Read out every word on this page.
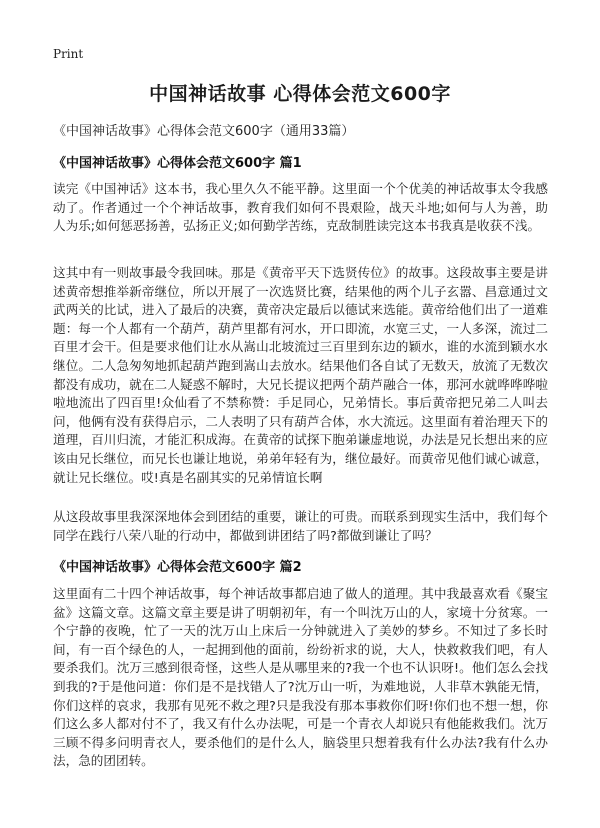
Print
中国神话故事 心得体会范文600字
《中国神话故事》心得体会范文600字（通用33篇）
《中国神话故事》心得体会范文600字 篇1

读完《中国神话》这本书，我心里久久不能平静。这里面一个个优美的神话故事太令我感动了。作者通过一个个神话故事，教育我们如何不畏艰险，战天斗地;如何与人为善，助人为乐;如何惩恶扬善，弘扬正义;如何勤学苦练，克敌制胜读完这本书我真是收获不浅。

这其中有一则故事最令我回味。那是《黄帝平天下选贤传位》的故事。这段故事主要是讲述黄帝想推举新帝继位，所以开展了一次选贤比赛，结果他的两个儿子玄嚣、昌意通过文武两关的比试，进入了最后的决赛，黄帝决定最后以德试来选能。黄帝给他们出了一道难题：每一个人都有一个葫芦，葫芦里都有河水，开口即流，水宽三丈，一人多深，流过二百里才会干。但是要求他们让水从嵩山北坡流过三百里到东边的颖水，谁的水流到颖水水继位。二人急匆匆地抓起葫芦跑到嵩山去放水。结果他们各自试了无数天，放流了无数次都没有成功，就在二人疑惑不解时，大兄长提议把两个葫芦融合一体，那河水就哗哗哗啦啦地流出了四百里!众仙看了不禁称赞：手足同心，兄弟情长。事后黄帝把兄弟二人叫去问，他俩有没有获得启示，二人表明了只有葫芦合体，水大流远。这里面有着治理天下的道理，百川归流，才能汇积成海。在黄帝的试探下胞弟谦虚地说，办法是兄长想出来的应该由兄长继位，而兄长也谦让地说，弟弟年轻有为，继位最好。而黄帝见他们诚心诚意，就让兄长继位。哎!真是名副其实的兄弟情谊长啊

从这段故事里我深深地体会到团结的重要，谦让的可贵。而联系到现实生活中，我们每个同学在践行八荣八耻的行动中，都做到讲团结了吗?都做到谦让了吗？

《中国神话故事》心得体会范文600字 篇2

这里面有二十四个神话故事，每个神话故事都启迪了做人的道理。其中我最喜欢看《聚宝盆》这篇文章。这篇文章主要是讲了明朝初年，有一个叫沈万山的人，家境十分贫寒。一个宁静的夜晚，忙了一天的沈万山上床后一分钟就进入了美妙的梦乡。不知过了多长时间，有一百个绿色的人，一起拥到他的面前，纷纷祈求的说，大人，快救救我们吧，有人要杀我们。沈万三感到很奇怪，这些人是从哪里来的?我一个也不认识呀!。他们怎么会找到我的?于是他问道：你们是不是找错人了?沈万山一听，为难地说，人非草木孰能无情，你们这样的哀求，我那有见死不救之理?只是我没有那本事救你们呀!你们也不想一想，你们这么多人都对付不了，我又有什么办法呢，可是一个青衣人却说只有他能救我们。沈万三顾不得多问明青衣人，要杀他们的是什么人，脑袋里只想着我有什么办法?我有什么办法，急的团团转。
